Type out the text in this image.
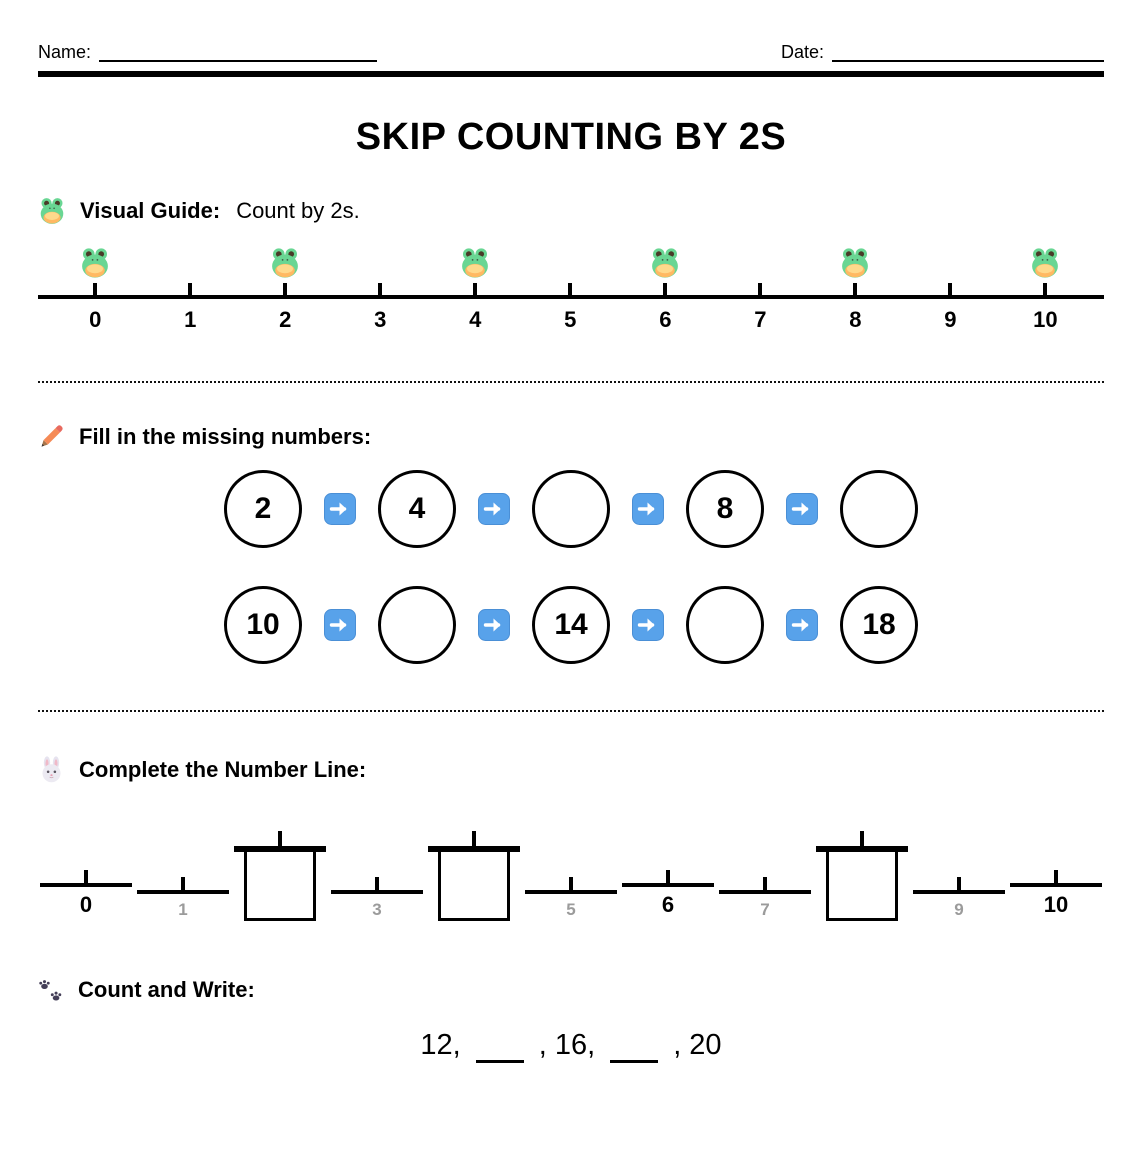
Name:	Date:
SKIP COUNTING BY 2S
Visual Guide: Count by 2s.
0	1	2	3	4	5	6	7	8	9	10
Fill in the missing numbers:
2	4	8
10	14	18
Complete the Number Line:
0	1	3	5	6	7	9	10
Count and Write:
12,	, 16,	, 20
